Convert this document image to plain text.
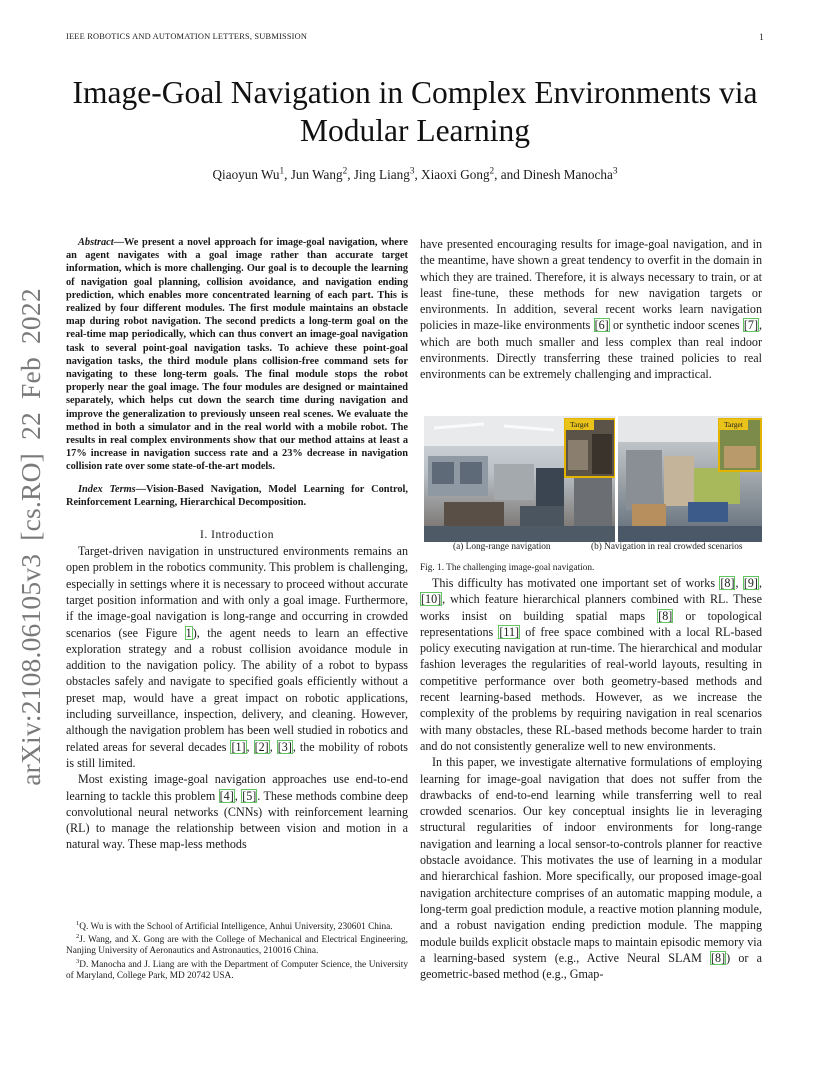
IEEE ROBOTICS AND AUTOMATION LETTERS, SUBMISSION	1
arXiv:2108.06105v3 [cs.RO] 22 Feb 2022
Image-Goal Navigation in Complex Environments via Modular Learning
Qiaoyun Wu$^1$, Jun Wang$^2$, Jing Liang$^3$, Xiaoxi Gong$^2$, and Dinesh Manocha$^3$

Abstract—We present a novel approach for image-goal navigation, where an agent navigates with a goal image rather than accurate target information, which is more challenging. Our goal is to decouple the learning of navigation goal planning, collision avoidance, and navigation ending prediction, which enables more concentrated learning of each part. This is realized by four different modules. The first module maintains an obstacle map during robot navigation. The second predicts a long-term goal on the real-time map periodically, which can thus convert an image-goal navigation task to several point-goal navigation tasks. To achieve these point-goal navigation tasks, the third module plans collision-free command sets for navigating to these long-term goals. The final module stops the robot properly near the goal image. The four modules are designed or maintained separately, which helps cut down the search time during navigation and improve the generalization to previously unseen real scenes. We evaluate the method in both a simulator and in the real world with a mobile robot. The results in real complex environments show that our method attains at least a 17% increase in navigation success rate and a 23% decrease in navigation collision rate over some state-of-the-art models.

Index Terms—Vision-Based Navigation, Model Learning for Control, Reinforcement Learning, Hierarchical Decomposition.

I. Introduction

Target-driven navigation in unstructured environments remains an open problem in the robotics community. This problem is challenging, especially in settings where it is necessary to proceed without accurate target position information and with only a goal image. Furthermore, if the image-goal navigation is long-range and occurring in crowded scenarios (see Figure 1), the agent needs to learn an effective exploration strategy and a robust collision avoidance module in addition to the navigation policy. The ability of a robot to bypass obstacles safely and navigate to specified goals efficiently without a preset map, would have a great impact on robotic applications, including surveillance, inspection, delivery, and cleaning. However, although the navigation problem has been well studied in robotics and related areas for several decades [1], [2], [3], the mobility of robots is still limited.

Most existing image-goal navigation approaches use end-to-end learning to tackle this problem [4], [5]. These methods combine deep convolutional neural networks (CNNs) with reinforcement learning (RL) to manage the relationship between vision and motion in a natural way. These map-less methods

$^1$Q. Wu is with the School of Artificial Intelligence, Anhui University, 230601 China.

$^2$J. Wang, and X. Gong are with the College of Mechanical and Electrical Engineering, Nanjing University of Aeronautics and Astronautics, 210016 China.

$^3$D. Manocha and J. Liang are with the Department of Computer Science, the University of Maryland, College Park, MD 20742 USA.

have presented encouraging results for image-goal navigation, and in the meantime, have shown a great tendency to overfit in the domain in which they are trained. Therefore, it is always necessary to train, or at least fine-tune, these methods for new navigation targets or environments. In addition, several recent works learn navigation policies in maze-like environments [6] or synthetic indoor scenes [7], which are both much smaller and less complex than real indoor environments. Directly transferring these trained policies to real environments can be extremely challenging and impractical.

Target	Target
(a) Long-range navigation	(b) Navigation in real crowded scenarios
Fig. 1. The challenging image-goal navigation.

This difficulty has motivated one important set of works [8], [9], [10], which feature hierarchical planners combined with RL. These works insist on building spatial maps [8] or topological representations [11] of free space combined with a local RL-based policy executing navigation at run-time. The hierarchical and modular fashion leverages the regularities of real-world layouts, resulting in competitive performance over both geometry-based methods and recent learning-based methods. However, as we increase the complexity of the problems by requiring navigation in real scenarios with many obstacles, these RL-based methods become harder to train and do not consistently generalize well to new environments.

In this paper, we investigate alternative formulations of employing learning for image-goal navigation that does not suffer from the drawbacks of end-to-end learning while transferring well to real crowded scenarios. Our key conceptual insights lie in leveraging structural regularities of indoor environments for long-range navigation and learning a local sensor-to-controls planner for reactive obstacle avoidance. This motivates the use of learning in a modular and hierarchical fashion. More specifically, our proposed image-goal navigation architecture comprises of an automatic mapping module, a long-term goal prediction module, a reactive motion planning module, and a robust navigation ending prediction module. The mapping module builds explicit obstacle maps to maintain episodic memory via a learning-based system (e.g., Active Neural SLAM [8]) or a geometric-based method (e.g., Gmap-
